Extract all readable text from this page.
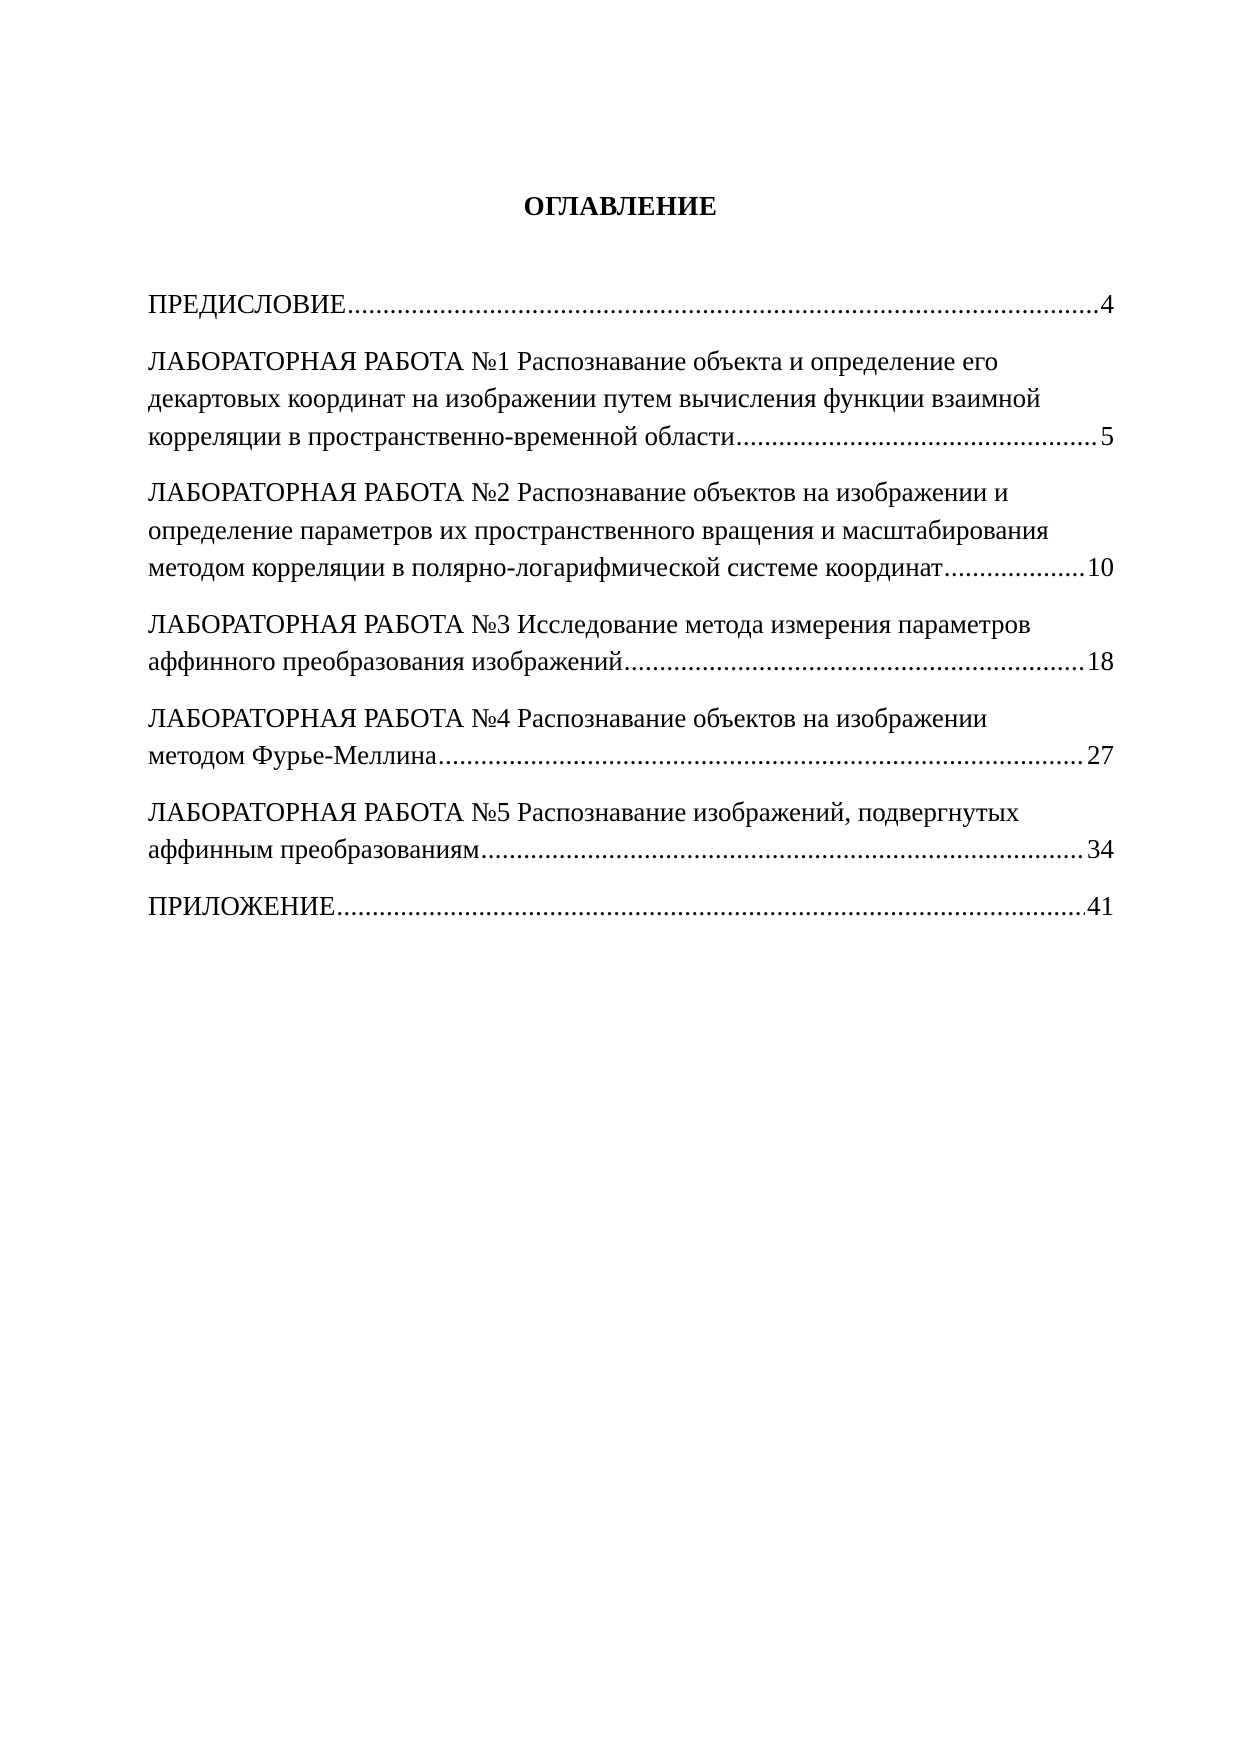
ОГЛАВЛЕНИЕ
ПРЕДИСЛОВИЕ .....	4
ЛАБОРАТОРНАЯ РАБОТА №1 Распознавание объекта и определение его
декартовых координат на изображении путем вычисления функции взаимной
корреляции в пространственно-временной области .....	5
ЛАБОРАТОРНАЯ РАБОТА №2 Распознавание объектов на изображении и
определение параметров их пространственного вращения и масштабирования
методом корреляции в полярно-логарифмической системе координат .....	10
ЛАБОРАТОРНАЯ РАБОТА №3 Исследование метода измерения параметров
аффинного преобразования изображений .....	18
ЛАБОРАТОРНАЯ РАБОТА №4 Распознавание объектов на изображении
методом Фурье-Меллина .....	27
ЛАБОРАТОРНАЯ РАБОТА №5 Распознавание изображений, подвергнутых
аффинным преобразованиям .....	34
ПРИЛОЖЕНИЕ .....	41
